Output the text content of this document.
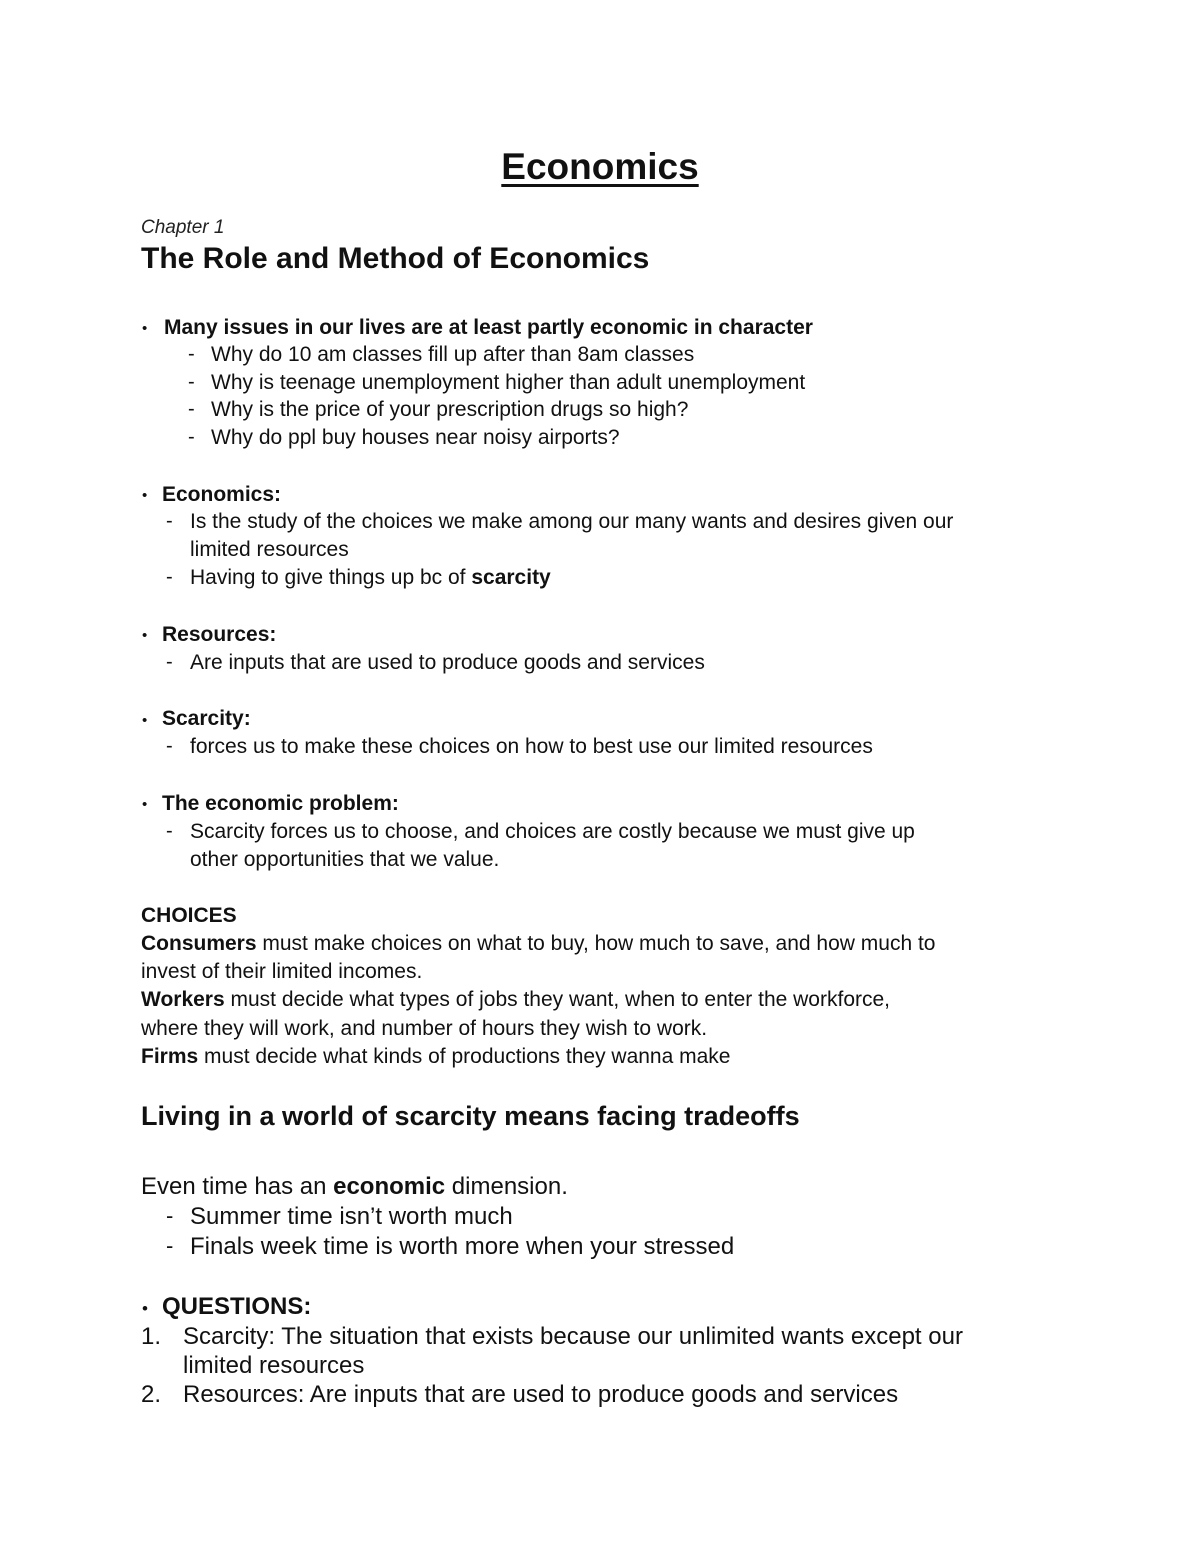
Economics
Chapter 1
The Role and Method of Economics
• Many issues in our lives are at least partly economic in character
- Why do 10 am classes fill up after than 8am classes
- Why is teenage unemployment higher than adult unemployment
- Why is the price of your prescription drugs so high?
- Why do ppl buy houses near noisy airports?
• Economics:
- Is the study of the choices we make among our many wants and desires given our
limited resources
- Having to give things up bc of scarcity
• Resources:
- Are inputs that are used to produce goods and services
• Scarcity:
- forces us to make these choices on how to best use our limited resources
• The economic problem:
- Scarcity forces us to choose, and choices are costly because we must give up
other opportunities that we value.
CHOICES
Consumers must make choices on what to buy, how much to save, and how much to
invest of their limited incomes.
Workers must decide what types of jobs they want, when to enter the workforce,
where they will work, and number of hours they wish to work.
Firms must decide what kinds of productions they wanna make
Living in a world of scarcity means facing tradeoffs
Even time has an economic dimension.
- Summer time isn’t worth much
- Finals week time is worth more when your stressed
• QUESTIONS:
1. Scarcity: The situation that exists because our unlimited wants except our
limited resources
2. Resources: Are inputs that are used to produce goods and services
